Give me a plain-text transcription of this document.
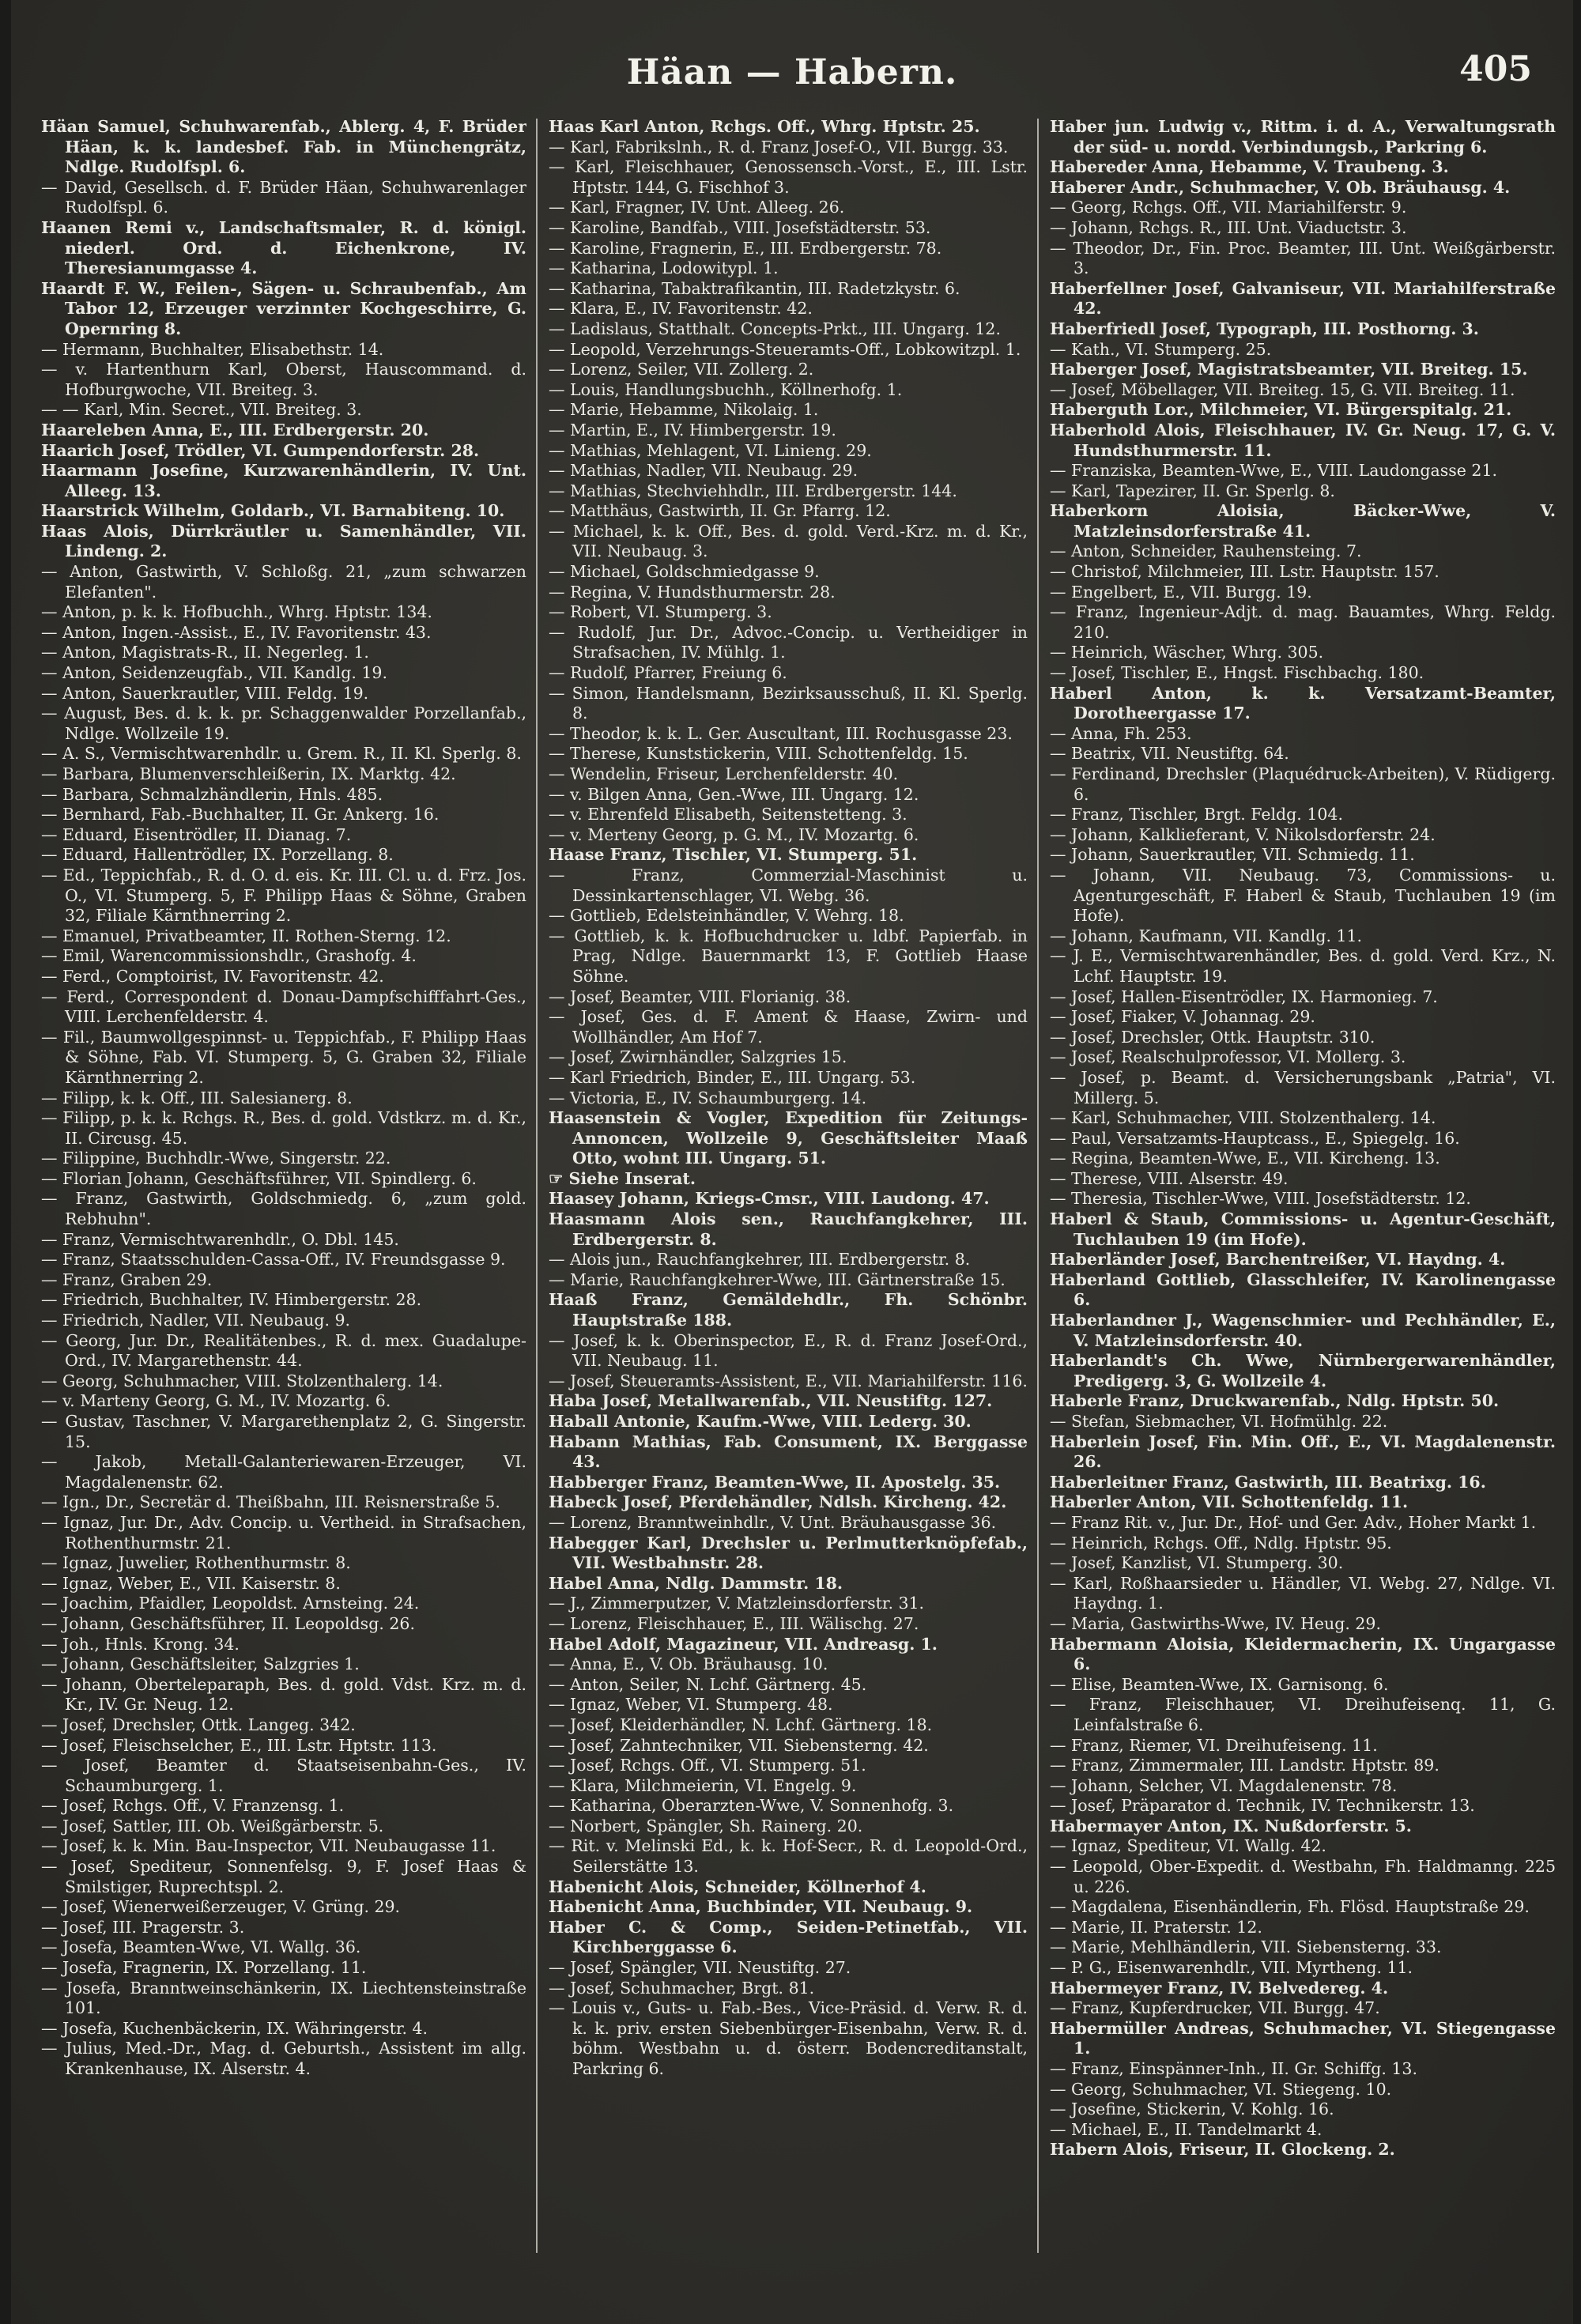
Häan — Habern.	405

Häan Samuel, Schuhwarenfab., Ablerg. 4, F. Brüder Häan, k. k. landesbef. Fab. in Münchengrätz, Ndlge. Rudolfspl. 6.

— David, Gesellsch. d. F. Brüder Häan, Schuhwarenlager Rudolfspl. 6.

Haanen Remi v., Landschaftsmaler, R. d. königl. niederl. Ord. d. Eichenkrone, IV. Theresianumgasse 4.

Haardt F. W., Feilen-, Sägen- u. Schraubenfab., Am Tabor 12, Erzeuger verzinnter Kochgeschirre, G. Opernring 8.

— Hermann, Buchhalter, Elisabethstr. 14.

— v. Hartenthurn Karl, Oberst, Hauscommand. d. Hofburgwoche, VII. Breiteg. 3.

— — Karl, Min. Secret., VII. Breiteg. 3.

Haareleben Anna, E., III. Erdbergerstr. 20.

Haarich Josef, Trödler, VI. Gumpendorferstr. 28.

Haarmann Josefine, Kurzwarenhändlerin, IV. Unt. Alleeg. 13.

Haarstrick Wilhelm, Goldarb., VI. Barnabiteng. 10.

Haas Alois, Dürrkräutler u. Samenhändler, VII. Lindeng. 2.

— Anton, Gastwirth, V. Schloßg. 21, „zum schwarzen Elefanten".

— Anton, p. k. k. Hofbuchh., Whrg. Hptstr. 134.

— Anton, Ingen.-Assist., E., IV. Favoritenstr. 43.

— Anton, Magistrats-R., II. Negerleg. 1.

— Anton, Seidenzeugfab., VII. Kandlg. 19.

— Anton, Sauerkrautler, VIII. Feldg. 19.

— August, Bes. d. k. k. pr. Schaggenwalder Porzellanfab., Ndlge. Wollzeile 19.

— A. S., Vermischtwarenhdlr. u. Grem. R., II. Kl. Sperlg. 8.

— Barbara, Blumenverschleißerin, IX. Marktg. 42.

— Barbara, Schmalzhändlerin, Hnls. 485.

— Bernhard, Fab.-Buchhalter, II. Gr. Ankerg. 16.

— Eduard, Eisentrödler, II. Dianag. 7.

— Eduard, Hallentrödler, IX. Porzellang. 8.

— Ed., Teppichfab., R. d. O. d. eis. Kr. III. Cl. u. d. Frz. Jos. O., VI. Stumperg. 5, F. Philipp Haas & Söhne, Graben 32, Filiale Kärnthnerring 2.

— Emanuel, Privatbeamter, II. Rothen-Sterng. 12.

— Emil, Warencommissionshdlr., Grashofg. 4.

— Ferd., Comptoirist, IV. Favoritenstr. 42.

— Ferd., Correspondent d. Donau-Dampfschifffahrt-Ges., VIII. Lerchenfelderstr. 4.

— Fil., Baumwollgespinnst- u. Teppichfab., F. Philipp Haas & Söhne, Fab. VI. Stumperg. 5, G. Graben 32, Filiale Kärnthnerring 2.

— Filipp, k. k. Off., III. Salesianerg. 8.

— Filipp, p. k. k. Rchgs. R., Bes. d. gold. Vdstkrz. m. d. Kr., II. Circusg. 45.

— Filippine, Buchhdlr.-Wwe, Singerstr. 22.

— Florian Johann, Geschäftsführer, VII. Spindlerg. 6.

— Franz, Gastwirth, Goldschmiedg. 6, „zum gold. Rebhuhn".

— Franz, Vermischtwarenhdlr., O. Dbl. 145.

— Franz, Staatsschulden-Cassa-Off., IV. Freundsgasse 9.

— Franz, Graben 29.

— Friedrich, Buchhalter, IV. Himbergerstr. 28.

— Friedrich, Nadler, VII. Neubaug. 9.

— Georg, Jur. Dr., Realitätenbes., R. d. mex. Guadalupe-Ord., IV. Margarethenstr. 44.

— Georg, Schuhmacher, VIII. Stolzenthalerg. 14.

— v. Marteny Georg, G. M., IV. Mozartg. 6.

— Gustav, Taschner, V. Margarethenplatz 2, G. Singerstr. 15.

— Jakob, Metall-Galanteriewaren-Erzeuger, VI. Magdalenenstr. 62.

— Ign., Dr., Secretär d. Theißbahn, III. Reisnerstraße 5.

— Ignaz, Jur. Dr., Adv. Concip. u. Vertheid. in Strafsachen, Rothenthurmstr. 21.

— Ignaz, Juwelier, Rothenthurmstr. 8.

— Ignaz, Weber, E., VII. Kaiserstr. 8.

— Joachim, Pfaidler, Leopoldst. Arnsteing. 24.

— Johann, Geschäftsführer, II. Leopoldsg. 26.

— Joh., Hnls. Krong. 34.

— Johann, Geschäftsleiter, Salzgries 1.

— Johann, Oberteleparaph, Bes. d. gold. Vdst. Krz. m. d. Kr., IV. Gr. Neug. 12.

— Josef, Drechsler, Ottk. Langeg. 342.

— Josef, Fleischselcher, E., III. Lstr. Hptstr. 113.

— Josef, Beamter d. Staatseisenbahn-Ges., IV. Schaumburgerg. 1.

— Josef, Rchgs. Off., V. Franzensg. 1.

— Josef, Sattler, III. Ob. Weißgärberstr. 5.

— Josef, k. k. Min. Bau-Inspector, VII. Neubaugasse 11.

— Josef, Spediteur, Sonnenfelsg. 9, F. Josef Haas & Smilstiger, Ruprechtspl. 2.

— Josef, Wienerweißerzeuger, V. Grüng. 29.

— Josef, III. Pragerstr. 3.

— Josefa, Beamten-Wwe, VI. Wallg. 36.

— Josefa, Fragnerin, IX. Porzellang. 11.

— Josefa, Branntweinschänkerin, IX. Liechtensteinstraße 101.

— Josefa, Kuchenbäckerin, IX. Währingerstr. 4.

— Julius, Med.-Dr., Mag. d. Geburtsh., Assistent im allg. Krankenhause, IX. Alserstr. 4.

Haas Karl Anton, Rchgs. Off., Whrg. Hptstr. 25.

— Karl, Fabrikslnh., R. d. Franz Josef-O., VII. Burgg. 33.

— Karl, Fleischhauer, Genossensch.-Vorst., E., III. Lstr. Hptstr. 144, G. Fischhof 3.

— Karl, Fragner, IV. Unt. Alleeg. 26.

— Karoline, Bandfab., VIII. Josefstädterstr. 53.

— Karoline, Fragnerin, E., III. Erdbergerstr. 78.

— Katharina, Lodowitypl. 1.

— Katharina, Tabaktrafikantin, III. Radetzkystr. 6.

— Klara, E., IV. Favoritenstr. 42.

— Ladislaus, Statthalt. Concepts-Prkt., III. Ungarg. 12.

— Leopold, Verzehrungs-Steueramts-Off., Lobkowitzpl. 1.

— Lorenz, Seiler, VII. Zollerg. 2.

— Louis, Handlungsbuchh., Köllnerhofg. 1.

— Marie, Hebamme, Nikolaig. 1.

— Martin, E., IV. Himbergerstr. 19.

— Mathias, Mehlagent, VI. Linieng. 29.

— Mathias, Nadler, VII. Neubaug. 29.

— Mathias, Stechviehhdlr., III. Erdbergerstr. 144.

— Matthäus, Gastwirth, II. Gr. Pfarrg. 12.

— Michael, k. k. Off., Bes. d. gold. Verd.-Krz. m. d. Kr., VII. Neubaug. 3.

— Michael, Goldschmiedgasse 9.

— Regina, V. Hundsthurmerstr. 28.

— Robert, VI. Stumperg. 3.

— Rudolf, Jur. Dr., Advoc.-Concip. u. Vertheidiger in Strafsachen, IV. Mühlg. 1.

— Rudolf, Pfarrer, Freiung 6.

— Simon, Handelsmann, Bezirksausschuß, II. Kl. Sperlg. 8.

— Theodor, k. k. L. Ger. Auscultant, III. Rochusgasse 23.

— Therese, Kunststickerin, VIII. Schottenfeldg. 15.

— Wendelin, Friseur, Lerchenfelderstr. 40.

— v. Bilgen Anna, Gen.-Wwe, III. Ungarg. 12.

— v. Ehrenfeld Elisabeth, Seitenstetteng. 3.

— v. Merteny Georg, p. G. M., IV. Mozartg. 6.

Haase Franz, Tischler, VI. Stumperg. 51.

— Franz, Commerzial-Maschinist u. Dessinkartenschlager, VI. Webg. 36.

— Gottlieb, Edelsteinhändler, V. Wehrg. 18.

— Gottlieb, k. k. Hofbuchdrucker u. ldbf. Papierfab. in Prag, Ndlge. Bauernmarkt 13, F. Gottlieb Haase Söhne.

— Josef, Beamter, VIII. Florianig. 38.

— Josef, Ges. d. F. Ament & Haase, Zwirn- und Wollhändler, Am Hof 7.

— Josef, Zwirnhändler, Salzgries 15.

— Karl Friedrich, Binder, E., III. Ungarg. 53.

— Victoria, E., IV. Schaumburgerg. 14.

Haasenstein & Vogler, Expedition für Zeitungs-Annoncen, Wollzeile 9, Geschäftsleiter Maaß Otto, wohnt III. Ungarg. 51.

☞ Siehe Inserat.

Haasey Johann, Kriegs-Cmsr., VIII. Laudong. 47.

Haasmann Alois sen., Rauchfangkehrer, III. Erdbergerstr. 8.

— Alois jun., Rauchfangkehrer, III. Erdbergerstr. 8.

— Marie, Rauchfangkehrer-Wwe, III. Gärtnerstraße 15.

Haaß Franz, Gemäldehdlr., Fh. Schönbr. Hauptstraße 188.

— Josef, k. k. Oberinspector, E., R. d. Franz Josef-Ord., VII. Neubaug. 11.

— Josef, Steueramts-Assistent, E., VII. Mariahilferstr. 116.

Haba Josef, Metallwarenfab., VII. Neustiftg. 127.

Haball Antonie, Kaufm.-Wwe, VIII. Lederg. 30.

Habann Mathias, Fab. Consument, IX. Berggasse 43.

Habberger Franz, Beamten-Wwe, II. Apostelg. 35.

Habeck Josef, Pferdehändler, Ndlsh. Kircheng. 42.

— Lorenz, Branntweinhdlr., V. Unt. Bräuhausgasse 36.

Habegger Karl, Drechsler u. Perlmutterknöpfefab., VII. Westbahnstr. 28.

Habel Anna, Ndlg. Dammstr. 18.

— J., Zimmerputzer, V. Matzleinsdorferstr. 31.

— Lorenz, Fleischhauer, E., III. Wälischg. 27.

Habel Adolf, Magazineur, VII. Andreasg. 1.

— Anna, E., V. Ob. Bräuhausg. 10.

— Anton, Seiler, N. Lchf. Gärtnerg. 45.

— Ignaz, Weber, VI. Stumperg. 48.

— Josef, Kleiderhändler, N. Lchf. Gärtnerg. 18.

— Josef, Zahntechniker, VII. Siebensterng. 42.

— Josef, Rchgs. Off., VI. Stumperg. 51.

— Klara, Milchmeierin, VI. Engelg. 9.

— Katharina, Oberarzten-Wwe, V. Sonnenhofg. 3.

— Norbert, Spängler, Sh. Rainerg. 20.

— Rit. v. Melinski Ed., k. k. Hof-Secr., R. d. Leopold-Ord., Seilerstätte 13.

Habenicht Alois, Schneider, Köllnerhof 4.

Habenicht Anna, Buchbinder, VII. Neubaug. 9.

Haber C. & Comp., Seiden-Petinetfab., VII. Kirchberggasse 6.

— Josef, Spängler, VII. Neustiftg. 27.

— Josef, Schuhmacher, Brgt. 81.

— Louis v., Guts- u. Fab.-Bes., Vice-Präsid. d. Verw. R. d. k. k. priv. ersten Siebenbürger-Eisenbahn, Verw. R. d. böhm. Westbahn u. d. österr. Bodencreditanstalt, Parkring 6.

Haber jun. Ludwig v., Rittm. i. d. A., Verwaltungsrath der süd- u. nordd. Verbindungsb., Parkring 6.

Habereder Anna, Hebamme, V. Traubeng. 3.

Haberer Andr., Schuhmacher, V. Ob. Bräuhausg. 4.

— Georg, Rchgs. Off., VII. Mariahilferstr. 9.

— Johann, Rchgs. R., III. Unt. Viaductstr. 3.

— Theodor, Dr., Fin. Proc. Beamter, III. Unt. Weißgärberstr. 3.

Haberfellner Josef, Galvaniseur, VII. Mariahilferstraße 42.

Haberfriedl Josef, Typograph, III. Posthorng. 3.

— Kath., VI. Stumperg. 25.

Haberger Josef, Magistratsbeamter, VII. Breiteg. 15.

— Josef, Möbellager, VII. Breiteg. 15, G. VII. Breiteg. 11.

Haberguth Lor., Milchmeier, VI. Bürgerspitalg. 21.

Haberhold Alois, Fleischhauer, IV. Gr. Neug. 17, G. V. Hundsthurmerstr. 11.

— Franziska, Beamten-Wwe, E., VIII. Laudongasse 21.

— Karl, Tapezirer, II. Gr. Sperlg. 8.

Haberkorn Aloisia, Bäcker-Wwe, V. Matzleinsdorferstraße 41.

— Anton, Schneider, Rauhensteing. 7.

— Christof, Milchmeier, III. Lstr. Hauptstr. 157.

— Engelbert, E., VII. Burgg. 19.

— Franz, Ingenieur-Adjt. d. mag. Bauamtes, Whrg. Feldg. 210.

— Heinrich, Wäscher, Whrg. 305.

— Josef, Tischler, E., Hngst. Fischbachg. 180.

Haberl Anton, k. k. Versatzamt-Beamter, Dorotheergasse 17.

— Anna, Fh. 253.

— Beatrix, VII. Neustiftg. 64.

— Ferdinand, Drechsler (Plaquédruck-Arbeiten), V. Rüdigerg. 6.

— Franz, Tischler, Brgt. Feldg. 104.

— Johann, Kalklieferant, V. Nikolsdorferstr. 24.

— Johann, Sauerkrautler, VII. Schmiedg. 11.

— Johann, VII. Neubaug. 73, Commissions- u. Agenturgeschäft, F. Haberl & Staub, Tuchlauben 19 (im Hofe).

— Johann, Kaufmann, VII. Kandlg. 11.

— J. E., Vermischtwarenhändler, Bes. d. gold. Verd. Krz., N. Lchf. Hauptstr. 19.

— Josef, Hallen-Eisentrödler, IX. Harmonieg. 7.

— Josef, Fiaker, V. Johannag. 29.

— Josef, Drechsler, Ottk. Hauptstr. 310.

— Josef, Realschulprofessor, VI. Mollerg. 3.

— Josef, p. Beamt. d. Versicherungsbank „Patria", VI. Millerg. 5.

— Karl, Schuhmacher, VIII. Stolzenthalerg. 14.

— Paul, Versatzamts-Hauptcass., E., Spiegelg. 16.

— Regina, Beamten-Wwe, E., VII. Kircheng. 13.

— Therese, VIII. Alserstr. 49.

— Theresia, Tischler-Wwe, VIII. Josefstädterstr. 12.

Haberl & Staub, Commissions- u. Agentur-Geschäft, Tuchlauben 19 (im Hofe).

Haberländer Josef, Barchentreißer, VI. Haydng. 4.

Haberland Gottlieb, Glasschleifer, IV. Karolinengasse 6.

Haberlandner J., Wagenschmier- und Pechhändler, E., V. Matzleinsdorferstr. 40.

Haberlandt's Ch. Wwe, Nürnbergerwarenhändler, Predigerg. 3, G. Wollzeile 4.

Haberle Franz, Druckwarenfab., Ndlg. Hptstr. 50.

— Stefan, Siebmacher, VI. Hofmühlg. 22.

Haberlein Josef, Fin. Min. Off., E., VI. Magdalenenstr. 26.

Haberleitner Franz, Gastwirth, III. Beatrixg. 16.

Haberler Anton, VII. Schottenfeldg. 11.

— Franz Rit. v., Jur. Dr., Hof- und Ger. Adv., Hoher Markt 1.

— Heinrich, Rchgs. Off., Ndlg. Hptstr. 95.

— Josef, Kanzlist, VI. Stumperg. 30.

— Karl, Roßhaarsieder u. Händler, VI. Webg. 27, Ndlge. VI. Haydng. 1.

— Maria, Gastwirths-Wwe, IV. Heug. 29.

Habermann Aloisia, Kleidermacherin, IX. Ungargasse 6.

— Elise, Beamten-Wwe, IX. Garnisong. 6.

— Franz, Fleischhauer, VI. Dreihufeisenq. 11, G. Leinfalstraße 6.

— Franz, Riemer, VI. Dreihufeiseng. 11.

— Franz, Zimmermaler, III. Landstr. Hptstr. 89.

— Johann, Selcher, VI. Magdalenenstr. 78.

— Josef, Präparator d. Technik, IV. Technikerstr. 13.

Habermayer Anton, IX. Nußdorferstr. 5.

— Ignaz, Spediteur, VI. Wallg. 42.

— Leopold, Ober-Expedit. d. Westbahn, Fh. Haldmanng. 225 u. 226.

— Magdalena, Eisenhändlerin, Fh. Flösd. Hauptstraße 29.

— Marie, II. Praterstr. 12.

— Marie, Mehlhändlerin, VII. Siebensterng. 33.

— P. G., Eisenwarenhdlr., VII. Myrtheng. 11.

Habermeyer Franz, IV. Belvedereg. 4.

— Franz, Kupferdrucker, VII. Burgg. 47.

Habermüller Andreas, Schuhmacher, VI. Stiegengasse 1.

— Franz, Einspänner-Inh., II. Gr. Schiffg. 13.

— Georg, Schuhmacher, VI. Stiegeng. 10.

— Josefine, Stickerin, V. Kohlg. 16.

— Michael, E., II. Tandelmarkt 4.

Habern Alois, Friseur, II. Glockeng. 2.
